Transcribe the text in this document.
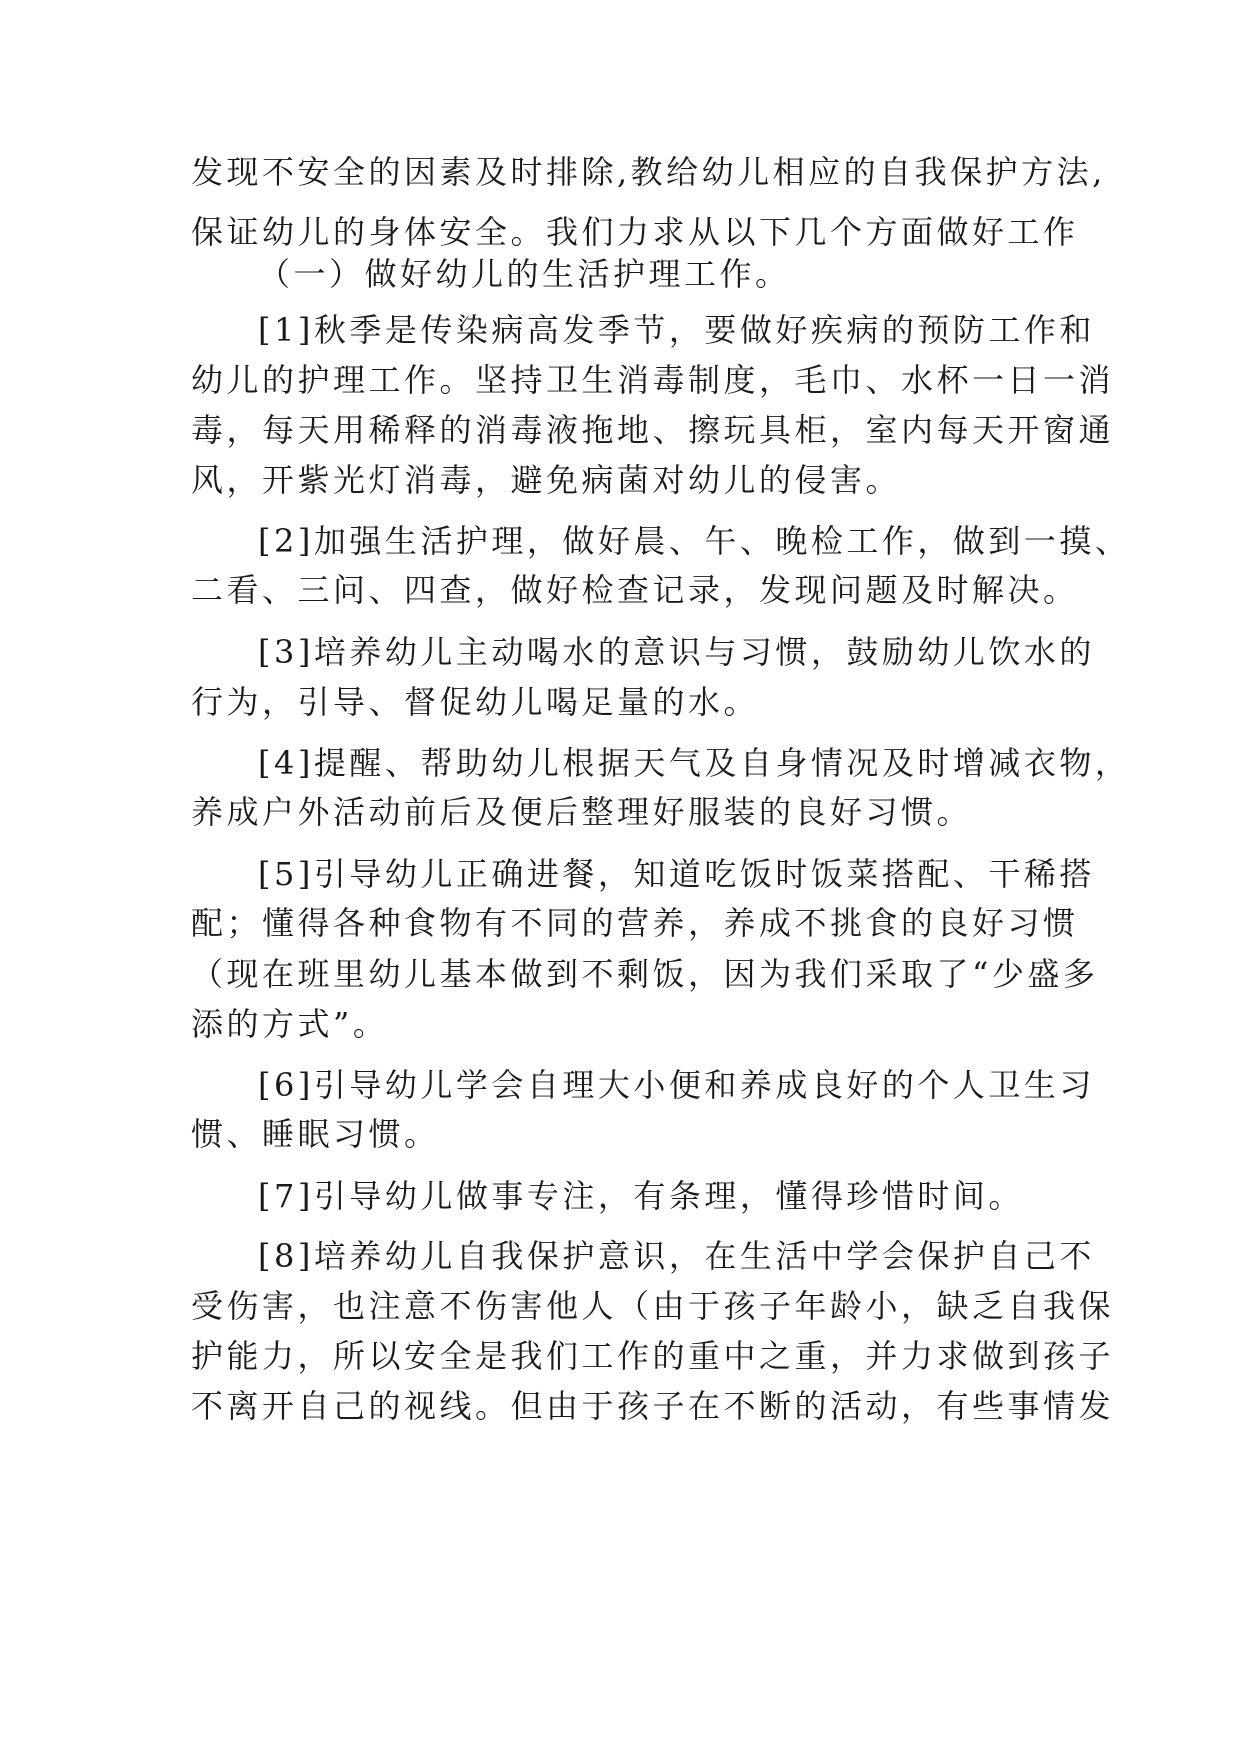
发现不安全的因素及时排除,教给幼儿相应的自我保护方法,
保证幼儿的身体安全。我们力求从以下几个方面做好工作
（一）做好幼儿的生活护理工作。
[1]秋季是传染病高发季节，要做好疾病的预防工作和
幼儿的护理工作。坚持卫生消毒制度，毛巾、水杯一日一消
毒，每天用稀释的消毒液拖地、擦玩具柜，室内每天开窗通
风，开紫光灯消毒，避免病菌对幼儿的侵害。
[2]加强生活护理，做好晨、午、晚检工作，做到一摸、
二看、三问、四查，做好检查记录，发现问题及时解决。
[3]培养幼儿主动喝水的意识与习惯，鼓励幼儿饮水的
行为，引导、督促幼儿喝足量的水。
[4]提醒、帮助幼儿根据天气及自身情况及时增减衣物，
养成户外活动前后及便后整理好服装的良好习惯。
[5]引导幼儿正确进餐，知道吃饭时饭菜搭配、干稀搭
配；懂得各种食物有不同的营养，养成不挑食的良好习惯
（现在班里幼儿基本做到不剩饭，因为我们采取了“少盛多
添的方式”。
[6]引导幼儿学会自理大小便和养成良好的个人卫生习
惯、睡眠习惯。
[7]引导幼儿做事专注，有条理，懂得珍惜时间。
[8]培养幼儿自我保护意识，在生活中学会保护自己不
受伤害，也注意不伤害他人（由于孩子年龄小，缺乏自我保
护能力，所以安全是我们工作的重中之重，并力求做到孩子
不离开自己的视线。但由于孩子在不断的活动，有些事情发
